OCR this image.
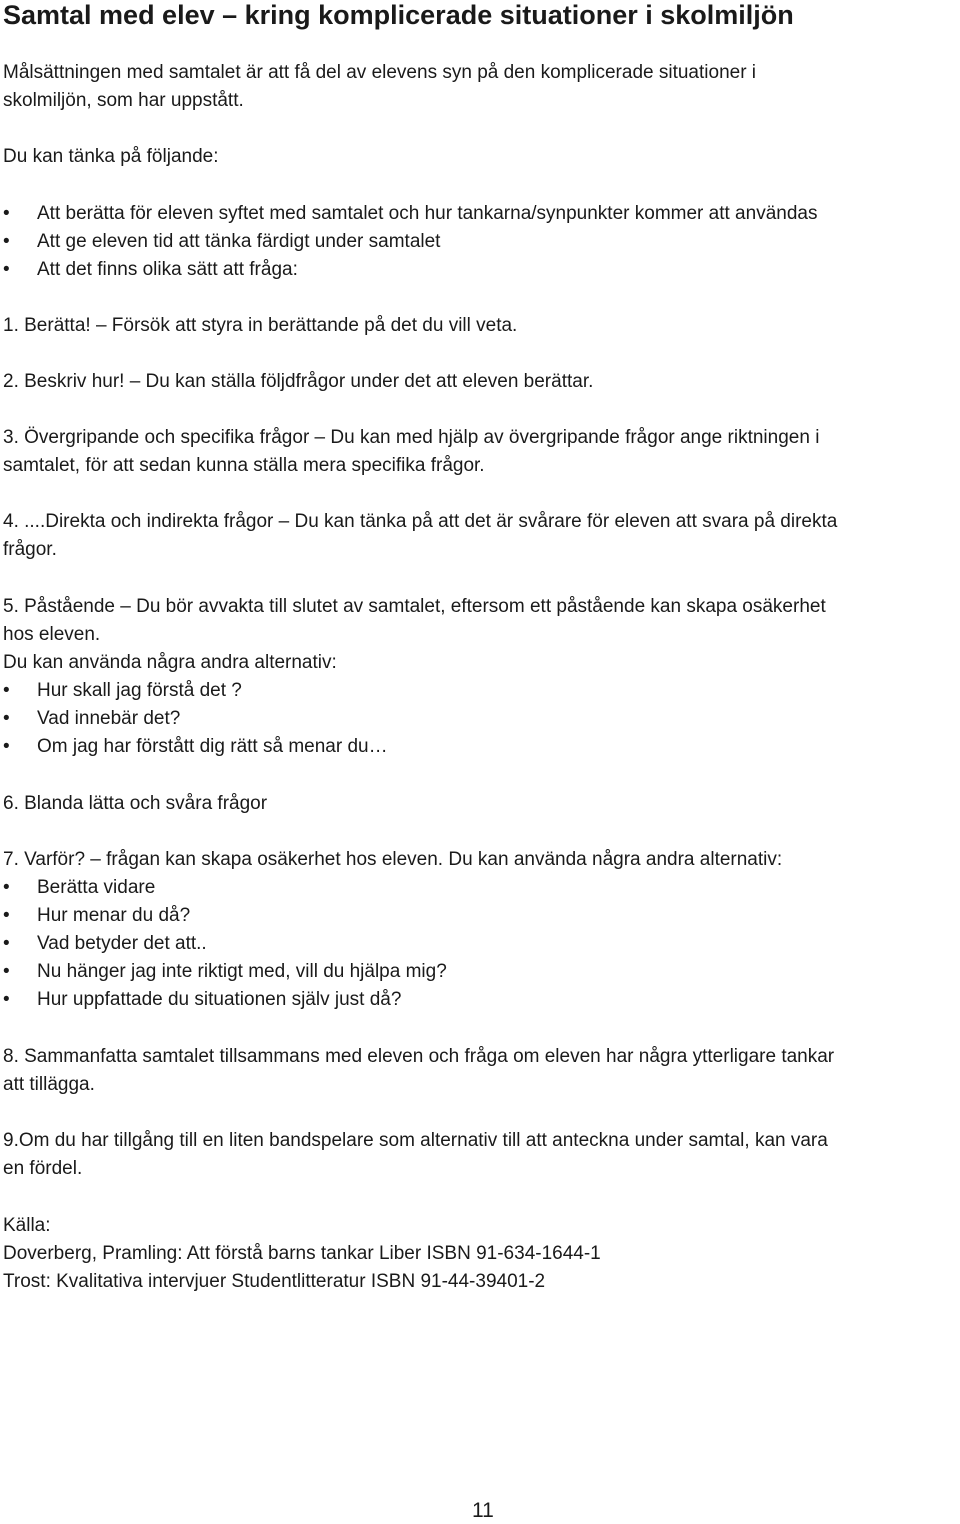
Samtal med elev – kring komplicerade situationer i skolmiljön

Målsättningen med samtalet är att få del av elevens syn på den komplicerade situationer i

skolmiljön, som har uppstått.

Du kan tänka på följande:

• Att berätta för eleven syftet med samtalet och hur tankarna/synpunkter kommer att användas
• Att ge eleven tid att tänka färdigt under samtalet
• Att det finns olika sätt att fråga:

1. Berätta! – Försök att styra in berättande på det du vill veta.

2. Beskriv hur! – Du kan ställa följdfrågor under det att eleven berättar.

3. Övergripande och specifika frågor – Du kan med hjälp av övergripande frågor ange riktningen i

samtalet, för att sedan kunna ställa mera specifika frågor.

4. ....Direkta och indirekta frågor – Du kan tänka på att det är svårare för eleven att svara på direkta

frågor.

5. Påstående – Du bör avvakta till slutet av samtalet, eftersom ett påstående kan skapa osäkerhet

hos eleven.

Du kan använda några andra alternativ:

• Hur skall jag förstå det ?
• Vad innebär det?
• Om jag har förstått dig rätt så menar du…

6. Blanda lätta och svåra frågor

7. Varför? – frågan kan skapa osäkerhet hos eleven. Du kan använda några andra alternativ:

• Berätta vidare
• Hur menar du då?
• Vad betyder det att..
• Nu hänger jag inte riktigt med, vill du hjälpa mig?
• Hur uppfattade du situationen själv just då?

8. Sammanfatta samtalet tillsammans med eleven och fråga om eleven har några ytterligare tankar

att tillägga.

9.Om du har tillgång till en liten bandspelare som alternativ till att anteckna under samtal, kan vara

en fördel.

Källa:

Doverberg, Pramling: Att förstå barns tankar Liber ISBN 91-634-1644-1

Trost: Kvalitativa intervjuer Studentlitteratur ISBN 91-44-39401-2

11
